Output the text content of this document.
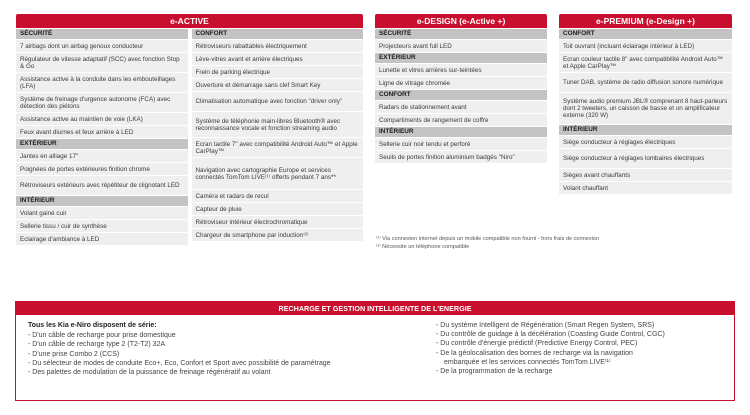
e-ACTIVE
SÉCURITÉ
7 airbags dont un airbag genoux conducteur
Régulateur de vitesse adaptatif (SCC) avec fonction Stop & Go
Assistance active à la conduite dans les embouteillages (LFA)
Système de freinage d'urgence autonome (FCA) avec détection des piétons
Assistance active au maintien de voie (LKA)
Feux avant diurnes et feux arrière à LED
EXTÉRIEUR
Jantes en alliage 17"
Poignées de portes extérieures finition chrome
Rétroviseurs extérieurs avec répétiteur de clignotant LED
INTÉRIEUR
Volant gainé cuir
Sellerie tissu / cuir de synthèse
Eclairage d'ambiance à LED
CONFORT
Rétroviseurs rabattables électriquement
Lève-vitres avant et arrière électriques
Frein de parking électrique
Ouverture et démarrage sans clef Smart Key
Climatisation automatique avec fonction "driver only"
Système de téléphonie main-libres Bluetooth® avec reconnaissance vocale et fonction streaming audio
Ecran tactile 7" avec compatibilité Android Auto™ et Apple CarPlay™
Navigation avec cartographie Europe et services connectés TomTom LIVE⁽¹⁾ offerts pendant 7 ans**
Caméra et radars de recul
Capteur de pluie
Rétroviseur intérieur électrochromatique
Chargeur de smartphone par induction⁽²⁾
e-DESIGN (e-Active +)
SÉCURITÉ
Projecteurs avant full LED
EXTÉRIEUR
Lunette et vitres arrières sur-teintées
Ligne de vitrage chromée
CONFORT
Radars de stationnement avant
Compartiments de rangement de coffre
INTÉRIEUR
Sellerie cuir noir tendu et perforé
Seuils de portes finition aluminium badgés "Niro"
e-PREMIUM (e-Design +)
CONFORT
Toit ouvrant (incluant éclairage intérieur à LED)
Ecran couleur tactile 8" avec compatibilité Android Auto™ et Apple CarPlay™
Tuner DAB, système de radio diffusion sonore numérique
Système audio premium JBL® comprenant 8 haut-parleurs dont 2 tweeters, un caisson de basse et un amplificateur externe (320 W)
INTÉRIEUR
Siège conducteur à réglages électriques
Siège conducteur à réglages lombaires électriques
Sièges avant chauffants
Volant chauffant
⁽¹⁾ Via connexion internet depuis un mobile compatible non fourni - hors frais de connexion
⁽²⁾ Nécessite un téléphone compatible
RECHARGE ET GESTION INTELLIGENTE DE L'ENERGIE
Tous les Kia e-Niro disposent de série:
- D'un câble de recharge pour prise domestique
- D'un câble de recharge type 2 (T2-T2) 32A
- D'une prise Combo 2 (CCS)
- Du sélecteur de modes de conduite Eco+, Eco, Confort et Sport avec possibilité de paramétrage
- Des palettes de modulation de la puissance de freinage régénératif au volant
- Du système Intelligent de Régénération (Smart Regen System, SRS)
- Du contrôle de guidage à la décélération (Coasting Guide Control, CGC)
- Du contrôle d'énergie prédictif (Predictive Energy Control, PEC)
- De la géolocalisation des bornes de recharge via la navigation
embarquée et les services connectés TomTom LIVE⁽¹⁾
- De la programmation de la recharge
